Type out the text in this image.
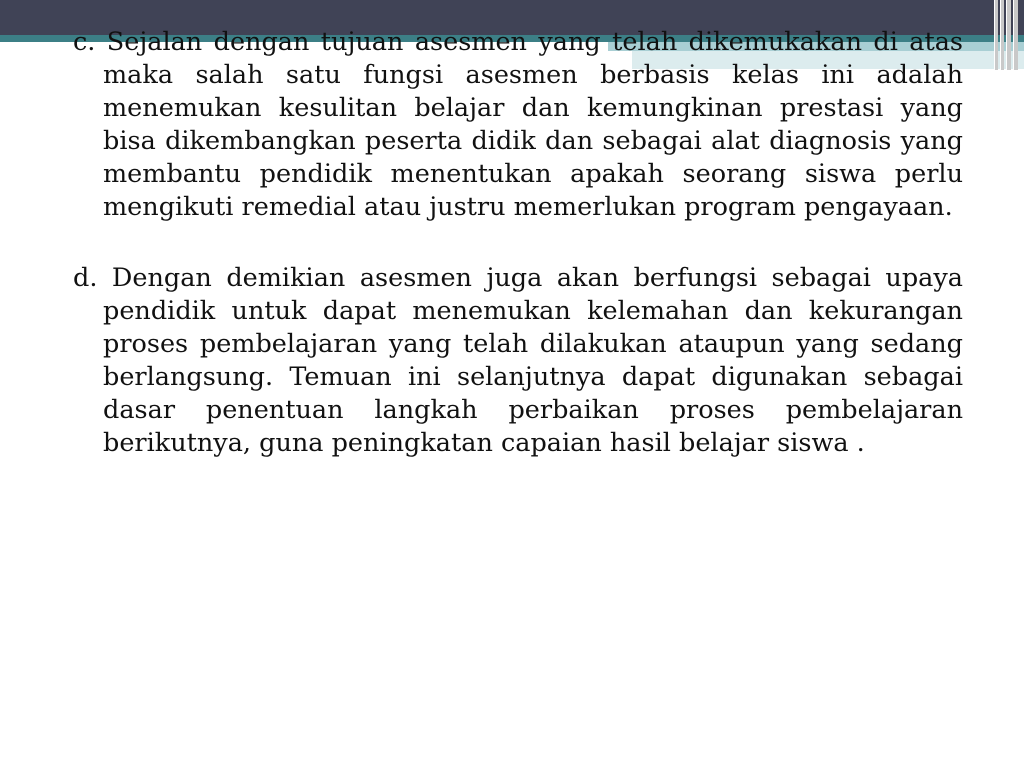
c. Sejalan dengan tujuan asesmen yang telah dikemukakan di atas maka salah satu fungsi asesmen berbasis kelas ini adalah menemukan kesulitan belajar dan kemungkinan prestasi yang bisa dikembangkan peserta didik dan sebagai alat diagnosis yang membantu pendidik menentukan apakah seorang siswa perlu mengikuti remedial atau justru memerlukan program pengayaan.

d. Dengan demikian asesmen juga akan berfungsi sebagai upaya pendidik untuk dapat menemukan kelemahan dan kekurangan proses pembelajaran yang telah dilakukan ataupun yang sedang berlangsung. Temuan ini selanjutnya dapat digunakan sebagai dasar penentuan langkah perbaikan proses pembelajaran berikutnya, guna peningkatan capaian hasil belajar siswa .
